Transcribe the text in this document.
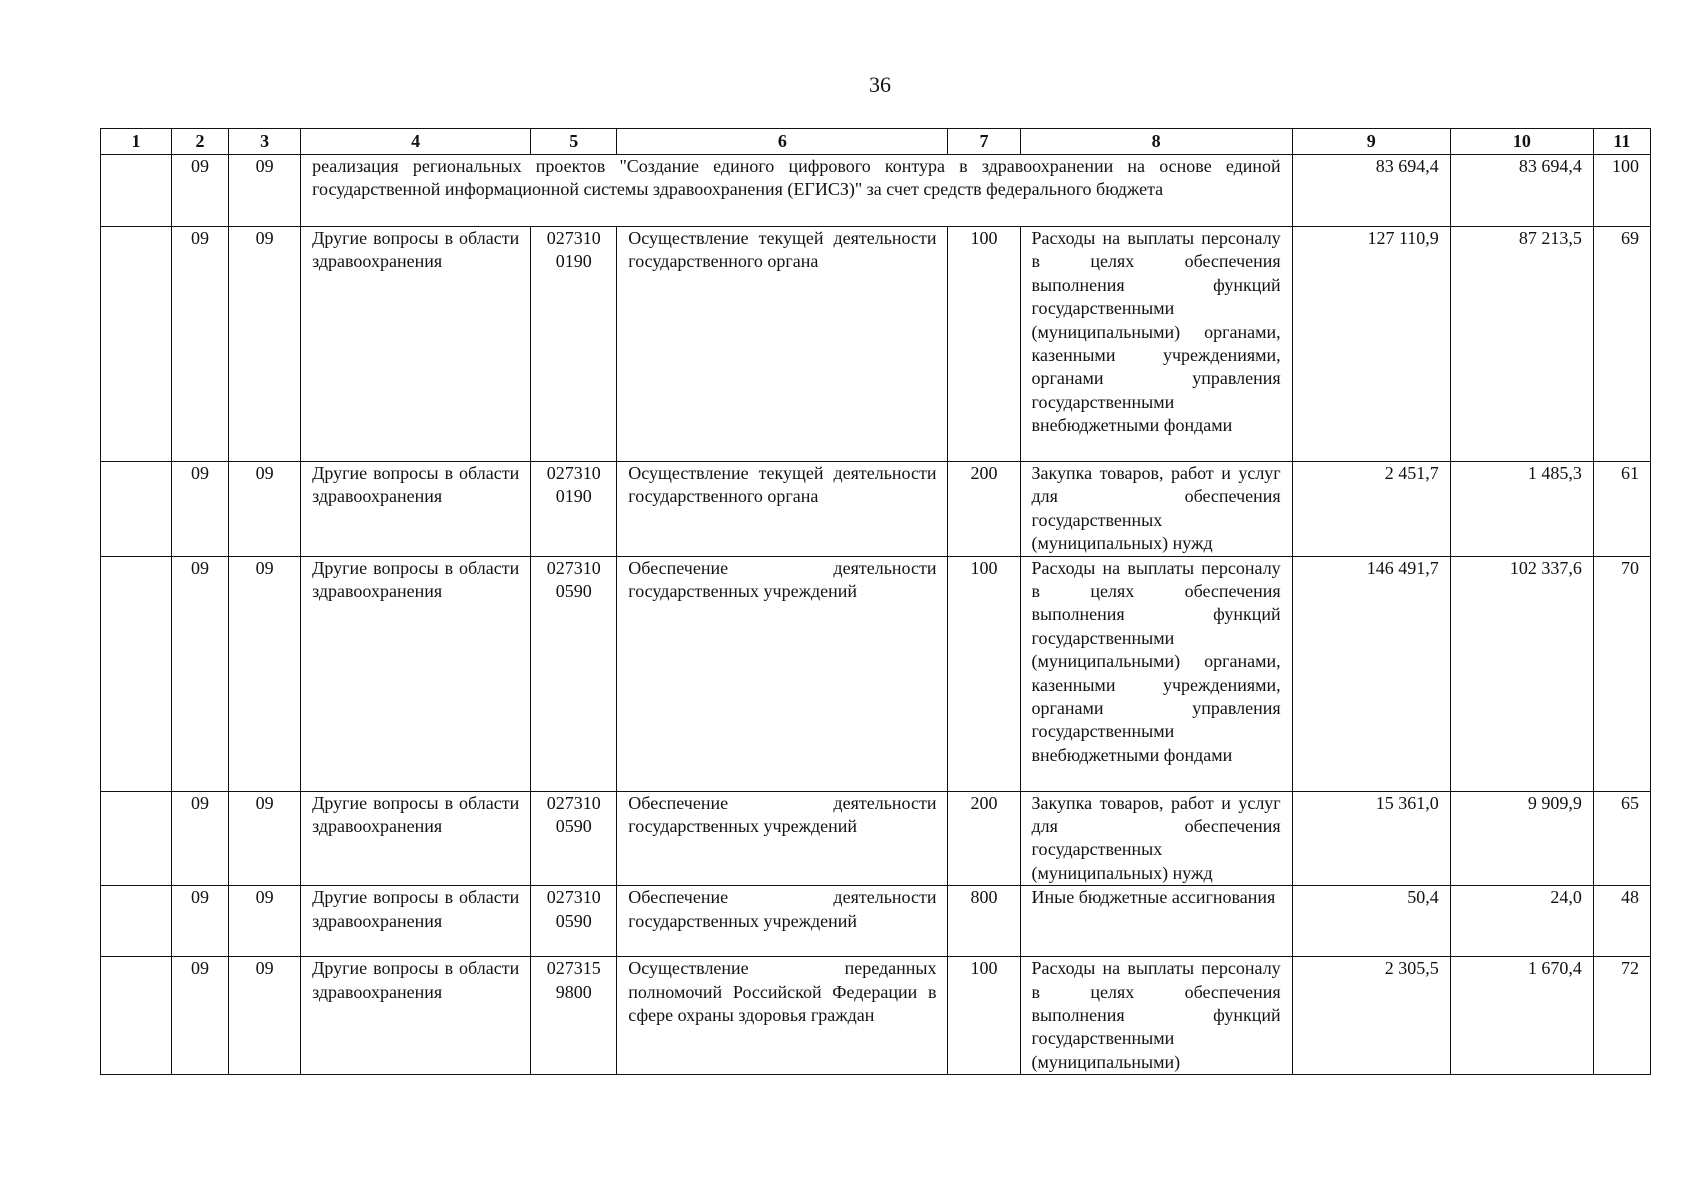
36
1	2	3	4	5	6	7	8	9	10	11
	09	09	реализация региональных проектов "Создание единого цифрового контура в здравоохранении на основе единой государственной информационной системы здравоохранения (ЕГИСЗ)" за счет средств федерального бюджета					83 694,4	83 694,4	100
	09	09	Другие вопросы в области здравоохранения	027310 0190	Осуществление текущей деятельности государственного органа	100	Расходы на выплаты персоналу в целях обеспечения выполнения функций государственными (муниципальными) органами, казенными учреждениями, органами управления государственными внебюджетными фондами	127 110,9	87 213,5	69
	09	09	Другие вопросы в области здравоохранения	027310 0190	Осуществление текущей деятельности государственного органа	200	Закупка товаров, работ и услуг для обеспечения государственных (муниципальных) нужд	2 451,7	1 485,3	61
	09	09	Другие вопросы в области здравоохранения	027310 0590	Обеспечение деятельности государственных учреждений	100	Расходы на выплаты персоналу в целях обеспечения выполнения функций государственными (муниципальными) органами, казенными учреждениями, органами управления государственными внебюджетными фондами	146 491,7	102 337,6	70
	09	09	Другие вопросы в области здравоохранения	027310 0590	Обеспечение деятельности государственных учреждений	200	Закупка товаров, работ и услуг для обеспечения государственных (муниципальных) нужд	15 361,0	9 909,9	65
	09	09	Другие вопросы в области здравоохранения	027310 0590	Обеспечение деятельности государственных учреждений	800	Иные бюджетные ассигнования	50,4	24,0	48
	09	09	Другие вопросы в области здравоохранения	027315 9800	Осуществление переданных полномочий Российской Федерации в сфере охраны здоровья граждан	100	Расходы на выплаты персоналу в целях обеспечения выполнения функций государственными (муниципальными)	2 305,5	1 670,4	72
